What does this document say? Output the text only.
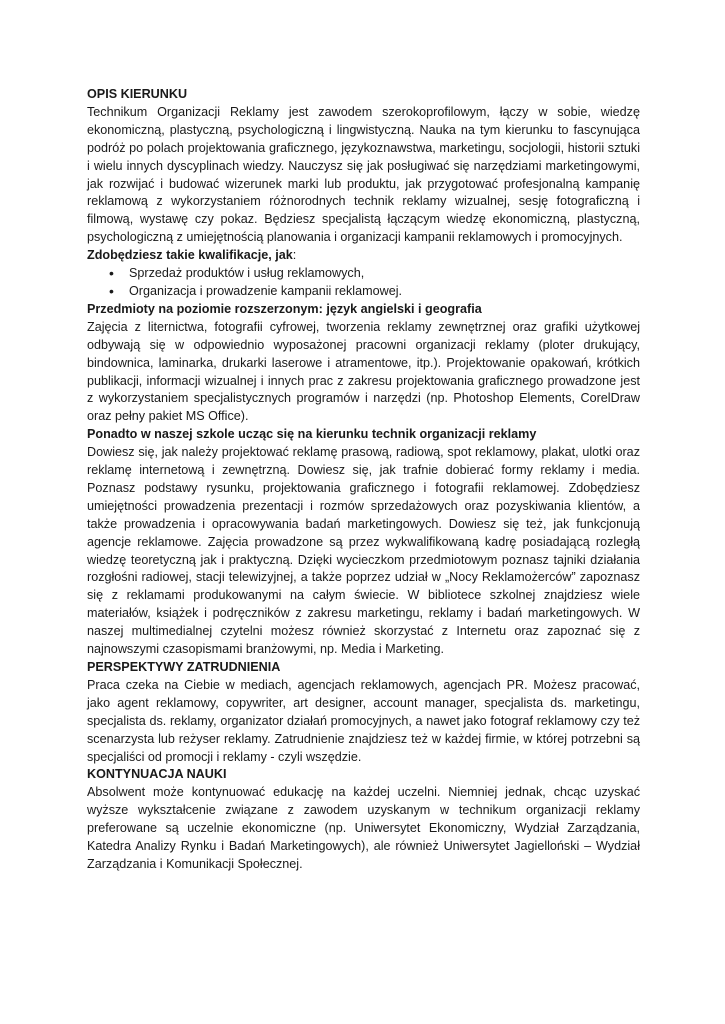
OPIS KIERUNKU

Technikum Organizacji Reklamy jest zawodem szerokoprofilowym, łączy w sobie, wiedzę ekonomiczną, plastyczną, psychologiczną i lingwistyczną. Nauka na tym kierunku to fascynująca podróż po polach projektowania graficznego, językoznawstwa, marketingu, socjologii, historii sztuki i wielu innych dyscyplinach wiedzy. Nauczysz się jak posługiwać się narzędziami marketingowymi, jak rozwijać i budować wizerunek marki lub produktu, jak przygotować profesjonalną kampanię reklamową z wykorzystaniem różnorodnych technik reklamy wizualnej, sesję fotograficzną i filmową, wystawę czy pokaz. Będziesz specjalistą łączącym wiedzę ekonomiczną, plastyczną, psychologiczną z umiejętnością planowania i organizacji kampanii reklamowych i promocyjnych.

Zdobędziesz takie kwalifikacje, jak:

• Sprzedaż produktów i usług reklamowych,
• Organizacja i prowadzenie kampanii reklamowej.

Przedmioty na poziomie rozszerzonym: język angielski i geografia

Zajęcia z liternictwa, fotografii cyfrowej, tworzenia reklamy zewnętrznej oraz grafiki użytkowej odbywają się w odpowiednio wyposażonej pracowni organizacji reklamy (ploter drukujący, bindownica, laminarka, drukarki laserowe i atramentowe, itp.). Projektowanie opakowań, krótkich publikacji, informacji wizualnej i innych prac z zakresu projektowania graficznego prowadzone jest z wykorzystaniem specjalistycznych programów i narzędzi (np. Photoshop Elements, CorelDraw oraz pełny pakiet MS Office).

Ponadto w naszej szkole ucząc się na kierunku technik organizacji reklamy

Dowiesz się, jak należy projektować reklamę prasową, radiową, spot reklamowy, plakat, ulotki oraz reklamę internetową i zewnętrzną. Dowiesz się, jak trafnie dobierać formy reklamy i media. Poznasz podstawy rysunku, projektowania graficznego i fotografii reklamowej. Zdobędziesz umiejętności prowadzenia prezentacji i rozmów sprzedażowych oraz pozyskiwania klientów, a także prowadzenia i opracowywania badań marketingowych. Dowiesz się też, jak funkcjonują agencje reklamowe. Zajęcia prowadzone są przez wykwalifikowaną kadrę posiadającą rozległą wiedzę teoretyczną jak i praktyczną. Dzięki wycieczkom przedmiotowym poznasz tajniki działania rozgłośni radiowej, stacji telewizyjnej, a także poprzez udział w „Nocy Reklamożerców” zapoznasz się z reklamami produkowanymi na całym świecie. W bibliotece szkolnej znajdziesz wiele materiałów, książek i podręczników z zakresu marketingu, reklamy i badań marketingowych. W naszej multimedialnej czytelni możesz również skorzystać z Internetu oraz zapoznać się z najnowszymi czasopismami branżowymi, np. Media i Marketing.

PERSPEKTYWY ZATRUDNIENIA

Praca czeka na Ciebie w mediach, agencjach reklamowych, agencjach PR. Możesz pracować, jako agent reklamowy, copywriter, art designer, account manager, specjalista ds. marketingu, specjalista ds. reklamy, organizator działań promocyjnych, a nawet jako fotograf reklamowy czy też scenarzysta lub reżyser reklamy. Zatrudnienie znajdziesz też w każdej firmie, w której potrzebni są specjaliści od promocji i reklamy - czyli wszędzie.

KONTYNUACJA NAUKI

Absolwent może kontynuować edukację na każdej uczelni. Niemniej jednak, chcąc uzyskać wyższe wykształcenie związane z zawodem uzyskanym w technikum organizacji reklamy preferowane są uczelnie ekonomiczne (np. Uniwersytet Ekonomiczny, Wydział Zarządzania, Katedra Analizy Rynku i Badań Marketingowych), ale również Uniwersytet Jagielloński – Wydział Zarządzania i Komunikacji Społecznej.
